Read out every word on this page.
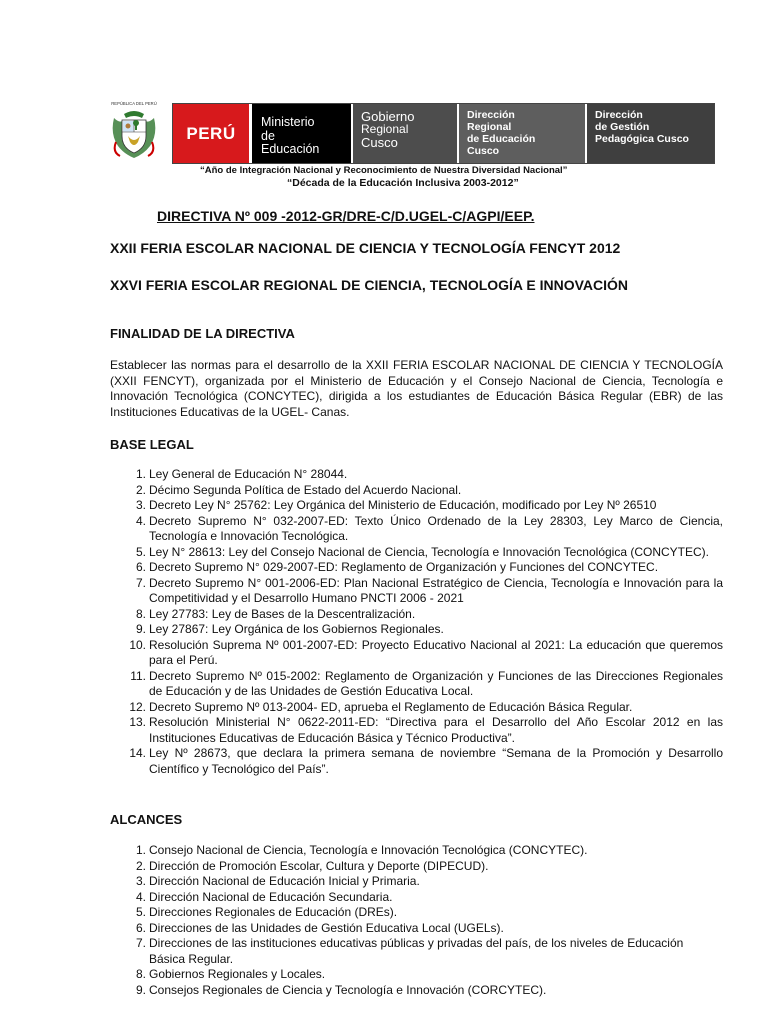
REPÚBLICA DEL PERÚ
PERÚ
Ministerio
de
Educación
Gobierno
Regional
Cusco
Dirección
Regional
de Educación
Cusco
Dirección
de Gestión
Pedagógica Cusco
“Año de Integración Nacional y Reconocimiento de Nuestra Diversidad Nacional”
“Década de la Educación Inclusiva 2003-2012”
DIRECTIVA Nº 009 -2012-GR/DRE-C/D.UGEL-C/AGPI/EEP.
XXII FERIA ESCOLAR NACIONAL DE CIENCIA Y TECNOLOGÍA FENCYT 2012
XXVI FERIA ESCOLAR REGIONAL DE CIENCIA, TECNOLOGÍA E INNOVACIÓN
FINALIDAD DE LA DIRECTIVA
Establecer las normas para el desarrollo de la XXII FERIA ESCOLAR NACIONAL DE CIENCIA Y TECNOLOGÍA (XXII FENCYT), organizada por el Ministerio de Educación y el Consejo Nacional de Ciencia, Tecnología e Innovación Tecnológica (CONCYTEC), dirigida a los estudiantes de Educación Básica Regular (EBR) de las Instituciones Educativas de la UGEL- Canas.
BASE LEGAL
1. Ley General de Educación N° 28044.
2. Décimo Segunda Política de Estado del Acuerdo Nacional.
3. Decreto Ley N° 25762: Ley Orgánica del Ministerio de Educación, modificado por Ley Nº 26510
4. Decreto Supremo N° 032-2007-ED: Texto Único Ordenado de la Ley 28303, Ley Marco de Ciencia, Tecnología e Innovación Tecnológica.
5. Ley N° 28613: Ley del Consejo Nacional de Ciencia, Tecnología e Innovación Tecnológica (CONCYTEC).
6. Decreto Supremo N° 029-2007-ED: Reglamento de Organización y Funciones del CONCYTEC.
7. Decreto Supremo N° 001-2006-ED: Plan Nacional Estratégico de Ciencia, Tecnología e Innovación para la Competitividad y el Desarrollo Humano PNCTI 2006 - 2021
8. Ley 27783: Ley de Bases de la Descentralización.
9. Ley 27867: Ley Orgánica de los Gobiernos Regionales.
10. Resolución Suprema Nº 001-2007-ED: Proyecto Educativo Nacional al 2021: La educación que queremos para el Perú.
11. Decreto Supremo Nº 015-2002: Reglamento de Organización y Funciones de las Direcciones Regionales de Educación y de las Unidades de Gestión Educativa Local.
12. Decreto Supremo Nº 013-2004- ED, aprueba el Reglamento de Educación Básica Regular.
13. Resolución Ministerial N° 0622-2011-ED: “Directiva para el Desarrollo del Año Escolar 2012 en las Instituciones Educativas de Educación Básica y Técnico Productiva”.
14. Ley Nº 28673, que declara la primera semana de noviembre “Semana de la Promoción y Desarrollo Científico y Tecnológico del País”.
ALCANCES
1. Consejo Nacional de Ciencia, Tecnología e Innovación Tecnológica (CONCYTEC).
2. Dirección de Promoción Escolar, Cultura y Deporte (DIPECUD).
3. Dirección Nacional de Educación Inicial y Primaria.
4. Dirección Nacional de Educación Secundaria.
5. Direcciones Regionales de Educación (DREs).
6. Direcciones de las Unidades de Gestión Educativa Local (UGELs).
7. Direcciones de las instituciones educativas públicas y privadas del país, de los niveles de Educación
Básica Regular.
8. Gobiernos Regionales y Locales.
9. Consejos Regionales de Ciencia y Tecnología e Innovación (CORCYTEC).
